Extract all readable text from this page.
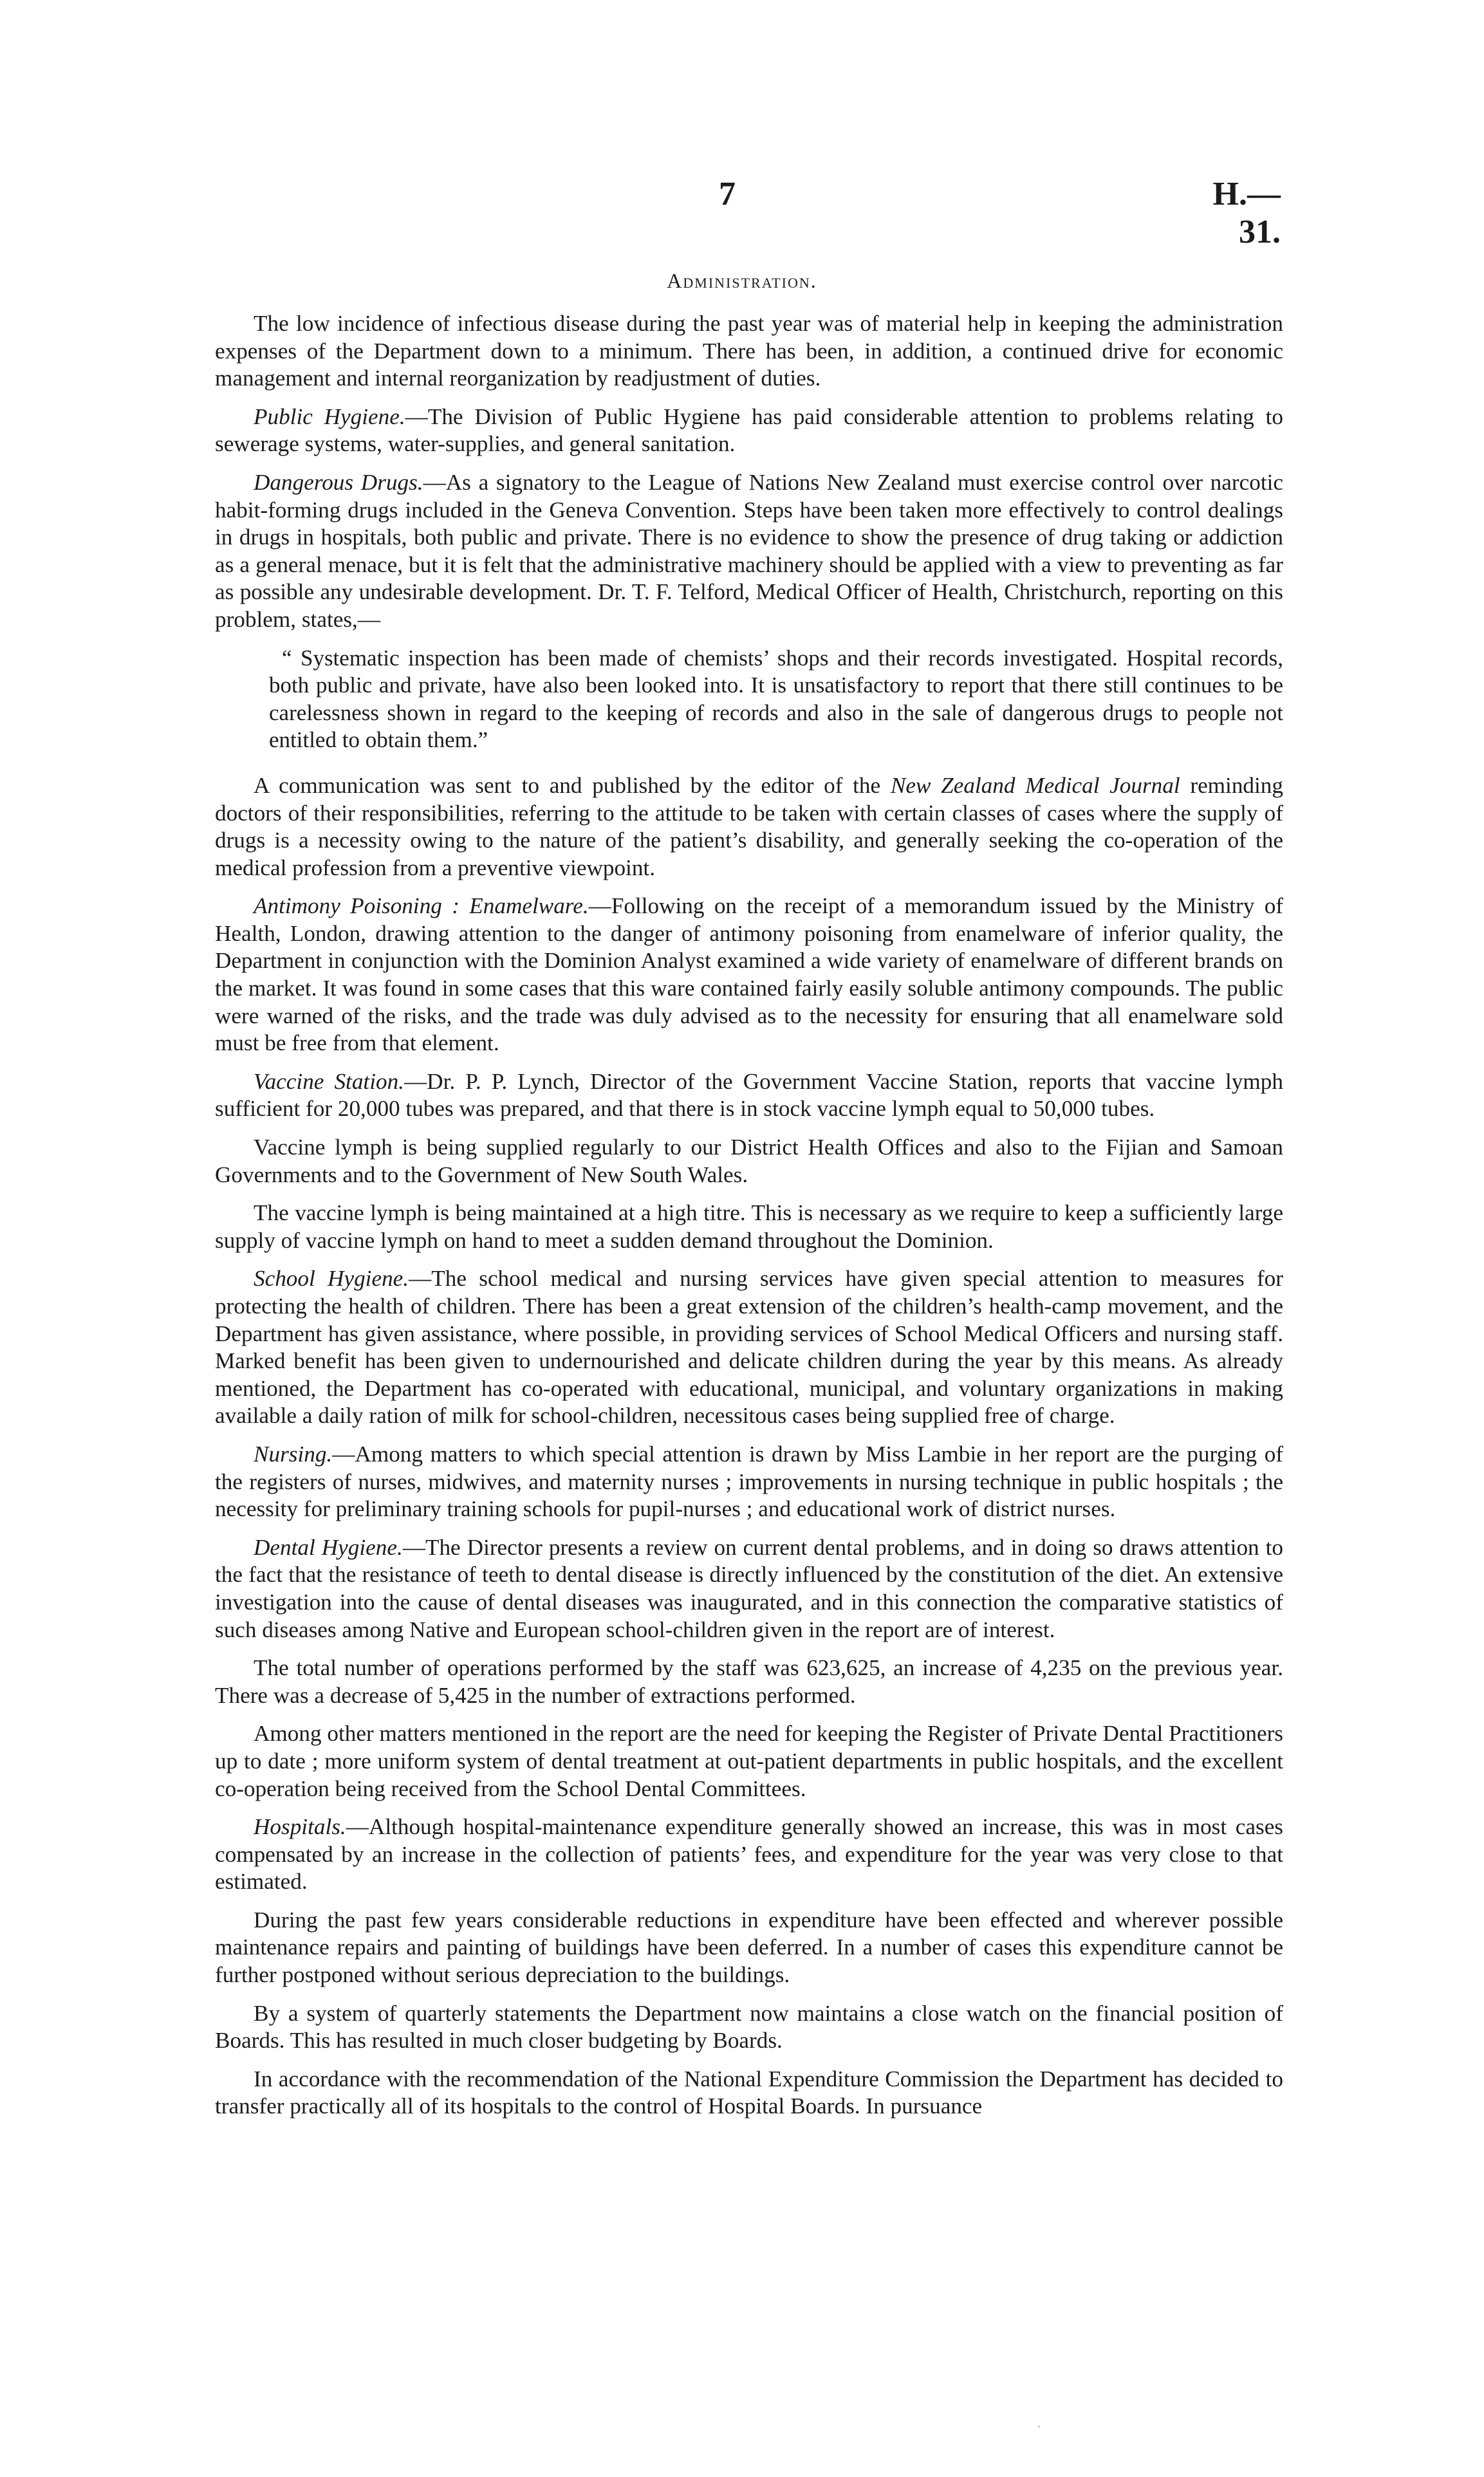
7	H.—31.
Administration.

The low incidence of infectious disease during the past year was of material help in keeping the administration expenses of the Department down to a minimum. There has been, in addition, a continued drive for economic management and internal reorganization by readjustment of duties.

Public Hygiene.—The Division of Public Hygiene has paid considerable attention to problems relating to sewerage systems, water-supplies, and general sanitation.

Dangerous Drugs.—As a signatory to the League of Nations New Zealand must exercise control over narcotic habit-forming drugs included in the Geneva Convention. Steps have been taken more effectively to control dealings in drugs in hospitals, both public and private. There is no evidence to show the presence of drug taking or addiction as a general menace, but it is felt that the administrative machinery should be applied with a view to preventing as far as possible any undesirable development. Dr. T. F. Telford, Medical Officer of Health, Christchurch, reporting on this problem, states,—

“ Systematic inspection has been made of chemists’ shops and their records investigated. Hospital records, both public and private, have also been looked into. It is unsatisfactory to report that there still continues to be carelessness shown in regard to the keeping of records and also in the sale of dangerous drugs to people not entitled to obtain them.”

A communication was sent to and published by the editor of the New Zealand Medical Journal reminding doctors of their responsibilities, referring to the attitude to be taken with certain classes of cases where the supply of drugs is a necessity owing to the nature of the patient’s disability, and generally seeking the co-operation of the medical profession from a preventive viewpoint.

Antimony Poisoning : Enamelware.—Following on the receipt of a memorandum issued by the Ministry of Health, London, drawing attention to the danger of antimony poisoning from enamelware of inferior quality, the Department in conjunction with the Dominion Analyst examined a wide variety of enamelware of different brands on the market. It was found in some cases that this ware contained fairly easily soluble antimony compounds. The public were warned of the risks, and the trade was duly advised as to the necessity for ensuring that all enamelware sold must be free from that element.

Vaccine Station.—Dr. P. P. Lynch, Director of the Government Vaccine Station, reports that vaccine lymph sufficient for 20,000 tubes was prepared, and that there is in stock vaccine lymph equal to 50,000 tubes.

Vaccine lymph is being supplied regularly to our District Health Offices and also to the Fijian and Samoan Governments and to the Government of New South Wales.

The vaccine lymph is being maintained at a high titre. This is necessary as we require to keep a sufficiently large supply of vaccine lymph on hand to meet a sudden demand throughout the Dominion.

School Hygiene.—The school medical and nursing services have given special attention to measures for protecting the health of children. There has been a great extension of the children’s health-camp movement, and the Department has given assistance, where possible, in providing services of School Medical Officers and nursing staff. Marked benefit has been given to undernourished and delicate children during the year by this means. As already mentioned, the Department has co-operated with educational, municipal, and voluntary organizations in making available a daily ration of milk for school-children, necessitous cases being supplied free of charge.

Nursing.—Among matters to which special attention is drawn by Miss Lambie in her report are the purging of the registers of nurses, midwives, and maternity nurses ; improvements in nursing technique in public hospitals ; the necessity for preliminary training schools for pupil-nurses ; and educational work of district nurses.

Dental Hygiene.—The Director presents a review on current dental problems, and in doing so draws attention to the fact that the resistance of teeth to dental disease is directly influenced by the constitution of the diet. An extensive investigation into the cause of dental diseases was inaugurated, and in this connection the comparative statistics of such diseases among Native and European school-children given in the report are of interest.

The total number of operations performed by the staff was 623,625, an increase of 4,235 on the previous year. There was a decrease of 5,425 in the number of extractions performed.

Among other matters mentioned in the report are the need for keeping the Register of Private Dental Practitioners up to date ; more uniform system of dental treatment at out-patient departments in public hospitals, and the excellent co-operation being received from the School Dental Committees.

Hospitals.—Although hospital-maintenance expenditure generally showed an increase, this was in most cases compensated by an increase in the collection of patients’ fees, and expenditure for the year was very close to that estimated.

During the past few years considerable reductions in expenditure have been effected and wherever possible maintenance repairs and painting of buildings have been deferred. In a number of cases this expenditure cannot be further postponed without serious depreciation to the buildings.

By a system of quarterly statements the Department now maintains a close watch on the financial position of Boards. This has resulted in much closer budgeting by Boards.

In accordance with the recommendation of the National Expenditure Commission the Department has decided to transfer practically all of its hospitals to the control of Hospital Boards. In pursuance

.
